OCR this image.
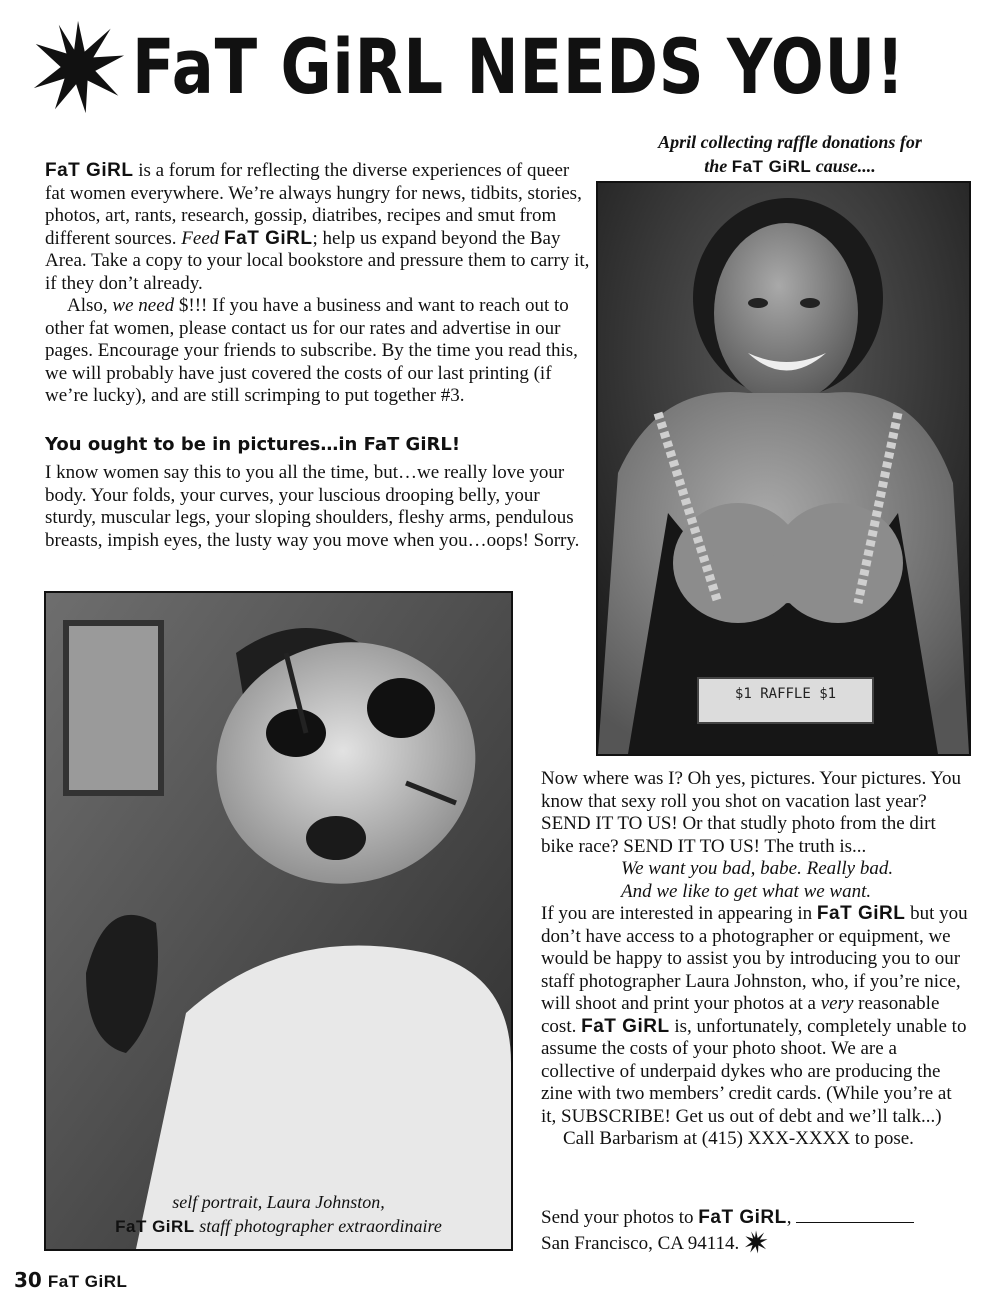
FaT GiRL NEEDS YOU!

FaT GiRL is a forum for reflecting the diverse experiences of queer fat women everywhere. We’re always hungry for news, tidbits, stories, photos, art, rants, research, gossip, diatribes, recipes and smut from different sources. Feed FaT GiRL; help us expand beyond the Bay Area. Take a copy to your local bookstore and pressure them to carry it, if they don’t already.

Also, we need $!!! If you have a business and want to reach out to other fat women, please contact us for our rates and advertise in our pages. Encourage your friends to subscribe. By the time you read this, we will probably have just covered the costs of our last printing (if we’re lucky), and are still scrimping to put together #3.

You ought to be in pictures…in FaT GiRL!

I know women say this to you all the time, but…we really love your body. Your folds, your curves, your luscious drooping belly, your sturdy, muscular legs, your sloping shoulders, fleshy arms, pendulous breasts, impish eyes, the lusty way you move when you…oops! Sorry.

April collecting raffle donations for
the FaT GiRL cause....
$1 RAFFLE $1
self portrait, Laura Johnston,
FaT GiRL staff photographer extraordinaire

Now where was I? Oh yes, pictures. Your pictures. You know that sexy roll you shot on vacation last year? SEND IT TO US! Or that studly photo from the dirt bike race? SEND IT TO US! The truth is...

We want you bad, babe. Really bad.

And we like to get what we want.

If you are interested in appearing in FaT GiRL but you don’t have access to a photographer or equipment, we would be happy to assist you by introducing you to our staff photographer Laura Johnston, who, if you’re nice, will shoot and print your photos at a very reasonable cost. FaT GiRL is, unfortunately, completely unable to assume the costs of your photo shoot. We are a collective of underpaid dykes who are producing the zine with two members’ credit cards. (While you’re at it, SUBSCRIBE! Get us out of debt and we’ll talk...)

Call Barbarism at (415) XXX-XXXX to pose.

Send your photos to FaT GiRL,

San Francisco, CA 94114.

30 FaT GiRL
